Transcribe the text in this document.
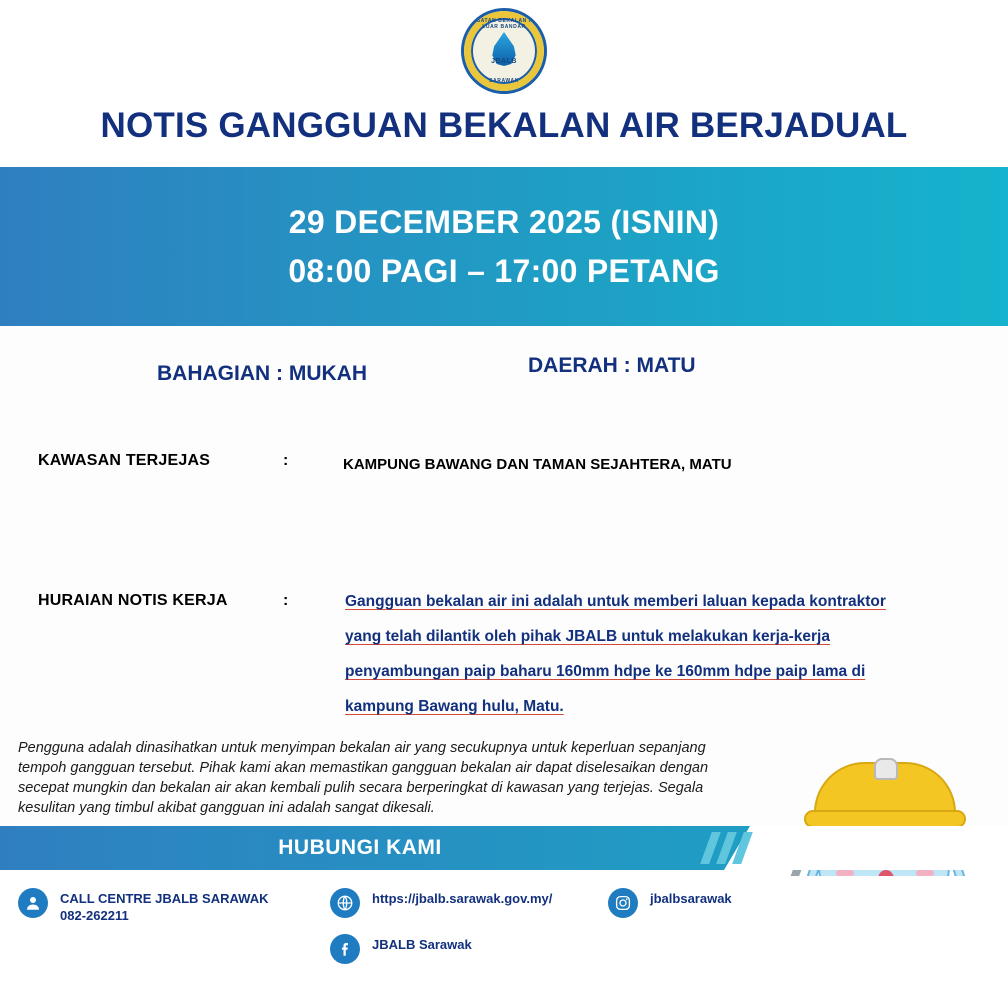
JABATAN BEKALAN AIR LUAR BANDAR
JBALB
SARAWAK
NOTIS GANGGUAN BEKALAN AIR BERJADUAL
29 DECEMBER 2025 (ISNIN)
08:00 PAGI – 17:00 PETANG
BAHAGIAN : MUKAH	DAERAH : MATU
KAWASAN TERJEJAS	:	KAMPUNG BAWANG DAN TAMAN SEJAHTERA, MATU
HURAIAN NOTIS KERJA	:	Gangguan bekalan air ini adalah untuk memberi laluan kepada kontraktor yang telah dilantik oleh pihak JBALB untuk melakukan kerja-kerja penyambungan paip baharu 160mm hdpe ke 160mm hdpe paip lama di kampung Bawang hulu, Matu.
Pengguna adalah dinasihatkan untuk menyimpan bekalan air yang secukupnya untuk keperluan sepanjang tempoh gangguan tersebut. Pihak kami akan memastikan gangguan bekalan air dapat diselesaikan dengan secepat mungkin dan bekalan air akan kembali pulih secara berperingkat di kawasan yang terjejas. Segala kesulitan yang timbul akibat gangguan ini adalah sangat dikesali.
HUBUNGI KAMI
CALL CENTRE JBALB SARAWAK
082-262211
https://jbalb.sarawak.gov.my/
JBALB Sarawak
jbalbsarawak
